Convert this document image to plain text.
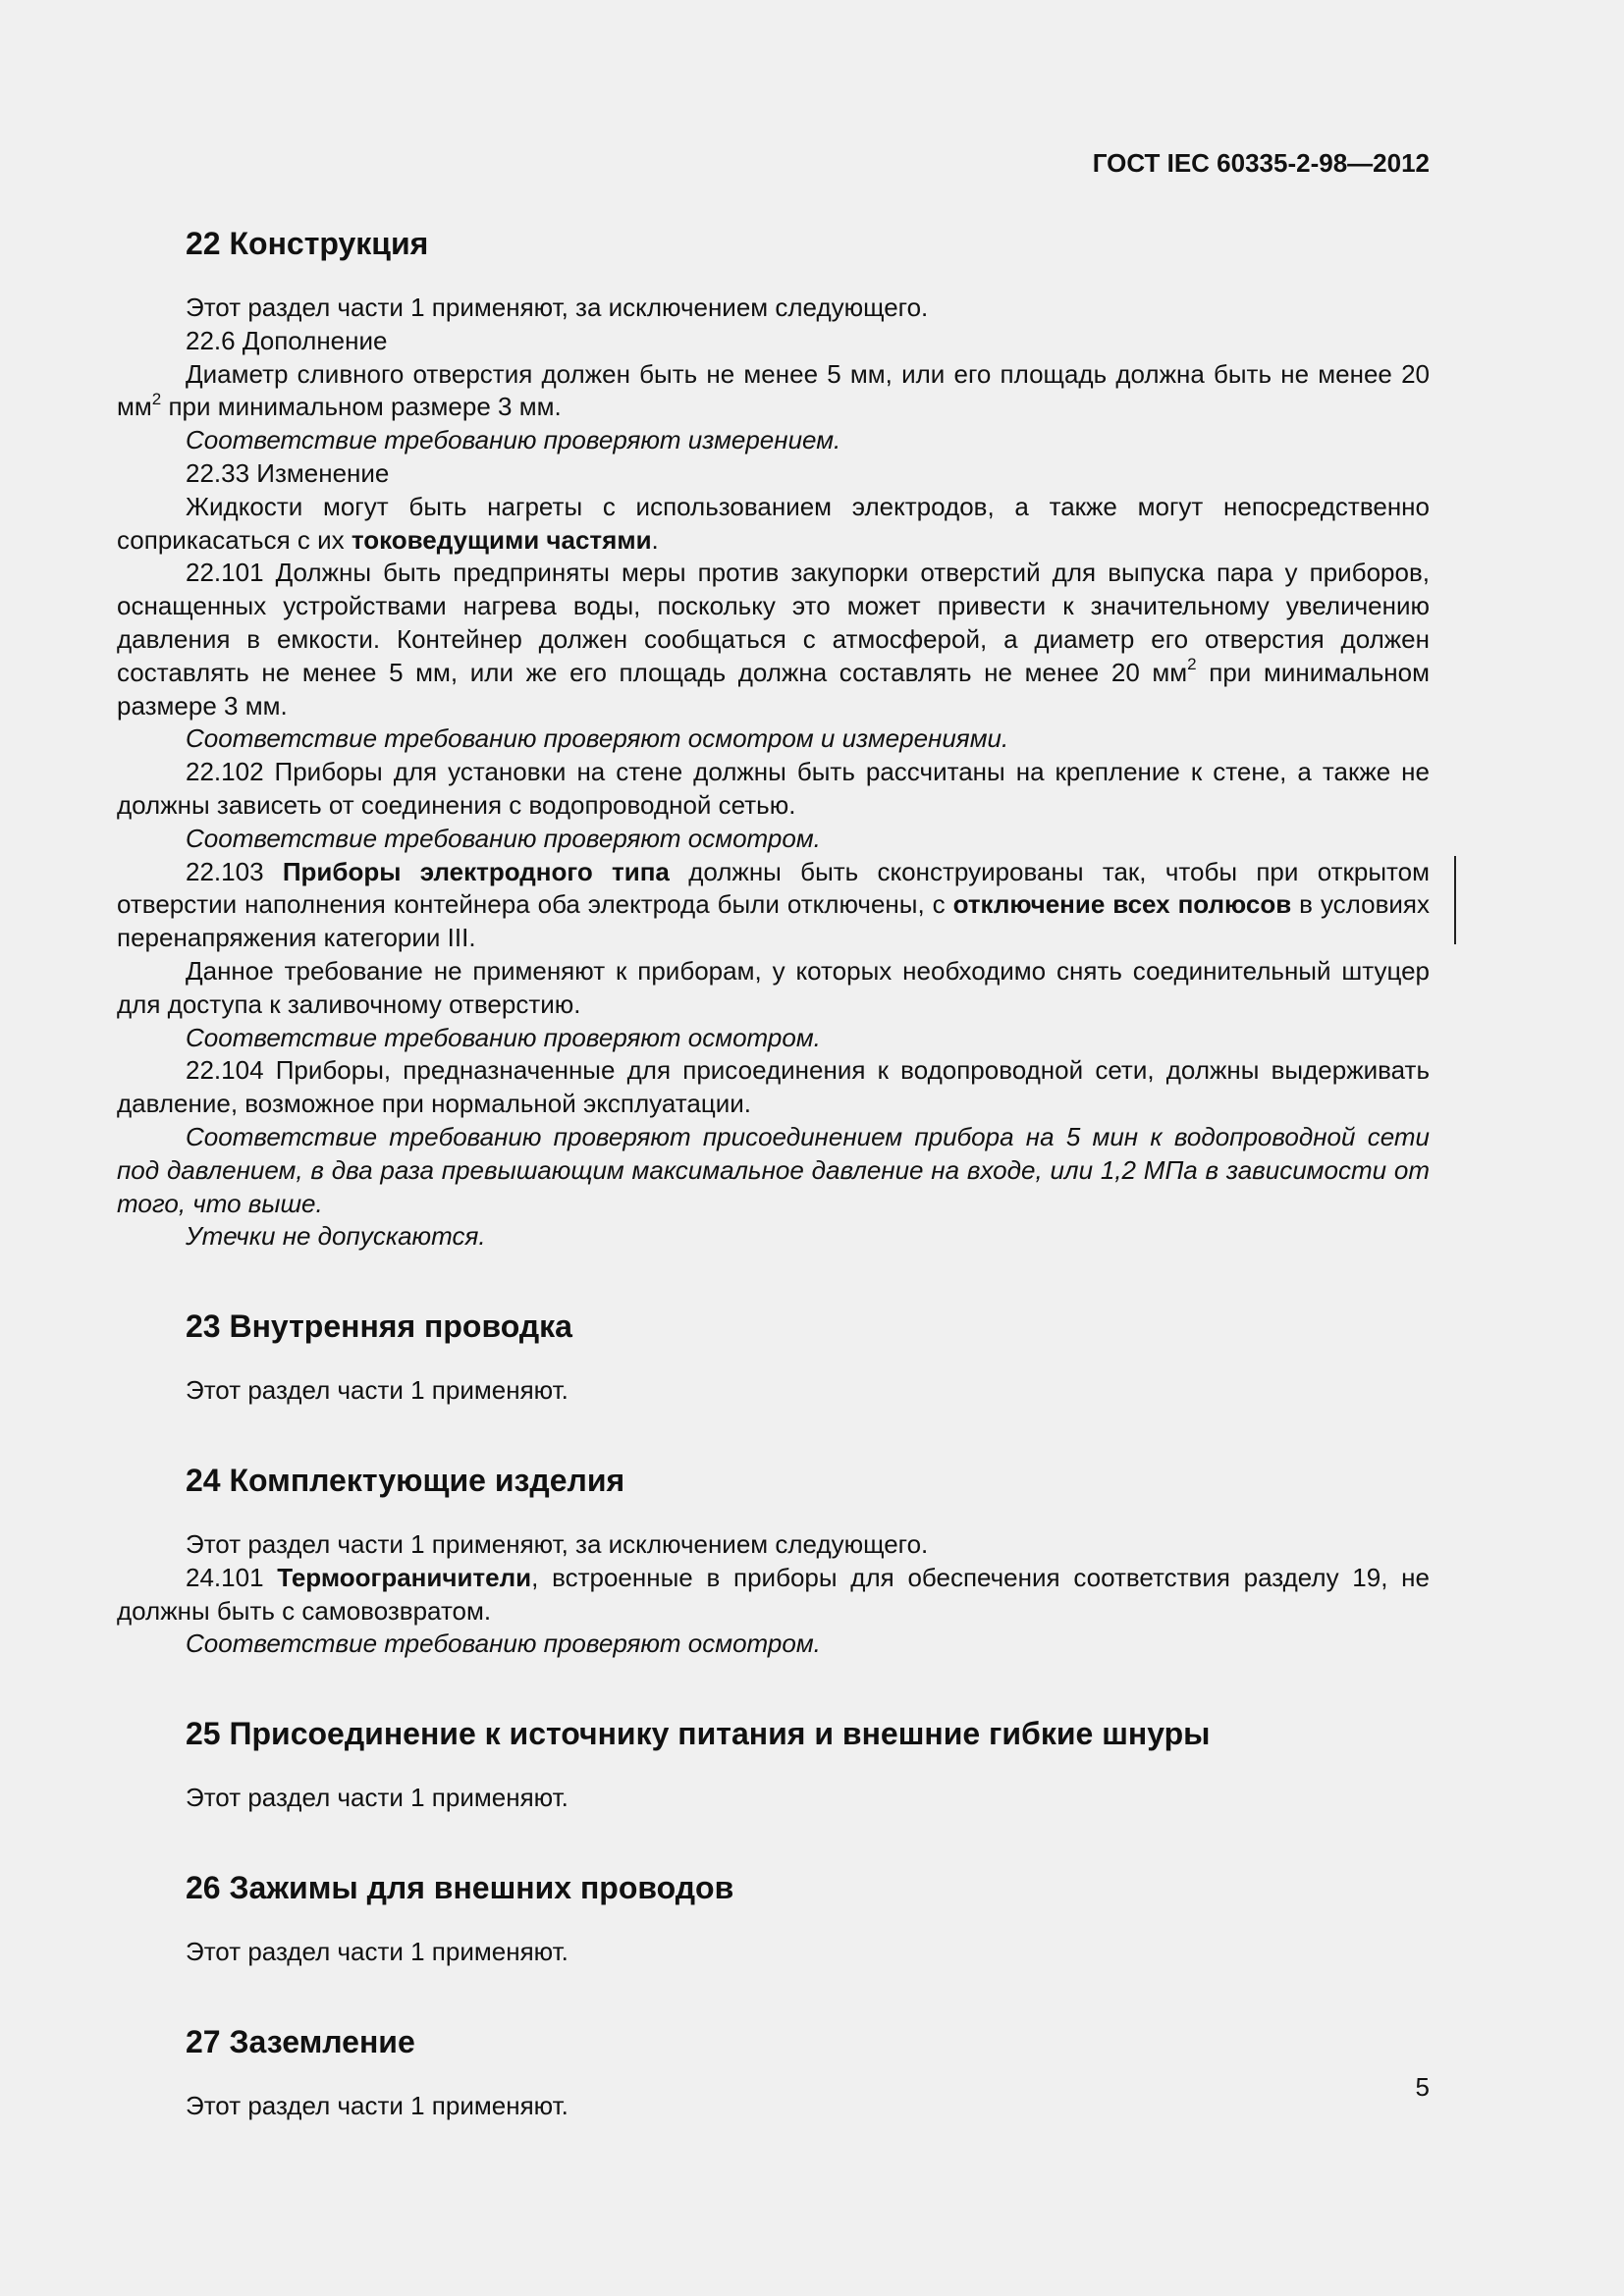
ГОСТ IEC 60335-2-98—2012
22 Конструкция

Этот раздел части 1 применяют, за исключением следующего.

22.6 Дополнение

Диаметр сливного отверстия должен быть не менее 5 мм, или его площадь должна быть не менее 20 $мм^2$ при минимальном размере 3 мм.

Соответствие требованию проверяют измерением.

22.33 Изменение

Жидкости могут быть нагреты с использованием электродов, а также могут непосредственно соприкасаться с их токоведущими частями.

22.101 Должны быть предприняты меры против закупорки отверстий для выпуска пара у приборов, оснащенных устройствами нагрева воды, поскольку это может привести к значительному увеличению давления в емкости. Контейнер должен сообщаться с атмосферой, а диаметр его отверстия должен составлять не менее 5 мм, или же его площадь должна составлять не менее 20 $мм^2$ при минимальном размере 3 мм.

Соответствие требованию проверяют осмотром и измерениями.

22.102 Приборы для установки на стене должны быть рассчитаны на крепление к стене, а также не должны зависеть от соединения с водопроводной сетью.

Соответствие требованию проверяют осмотром.

22.103 Приборы электродного типа должны быть сконструированы так, чтобы при открытом отверстии наполнения контейнера оба электрода были отключены, с отключение всех полюсов в условиях перенапряжения категории III.

Данное требование не применяют к приборам, у которых необходимо снять соединительный штуцер для доступа к заливочному отверстию.

Соответствие требованию проверяют осмотром.

22.104 Приборы, предназначенные для присоединения к водопроводной сети, должны выдерживать давление, возможное при нормальной эксплуатации.

Соответствие требованию проверяют присоединением прибора на 5 мин к водопроводной сети под давлением, в два раза превышающим максимальное давление на входе, или 1,2 МПа в зависимости от того, что выше.

Утечки не допускаются.

23 Внутренняя проводка

Этот раздел части 1 применяют.

24 Комплектующие изделия

Этот раздел части 1 применяют, за исключением следующего.

24.101 Термоограничители, встроенные в приборы для обеспечения соответствия разделу 19, не должны быть с самовозвратом.

Соответствие требованию проверяют осмотром.

25 Присоединение к источнику питания и внешние гибкие шнуры

Этот раздел части 1 применяют.

26 Зажимы для внешних проводов

Этот раздел части 1 применяют.

27 Заземление

Этот раздел части 1 применяют.

5
